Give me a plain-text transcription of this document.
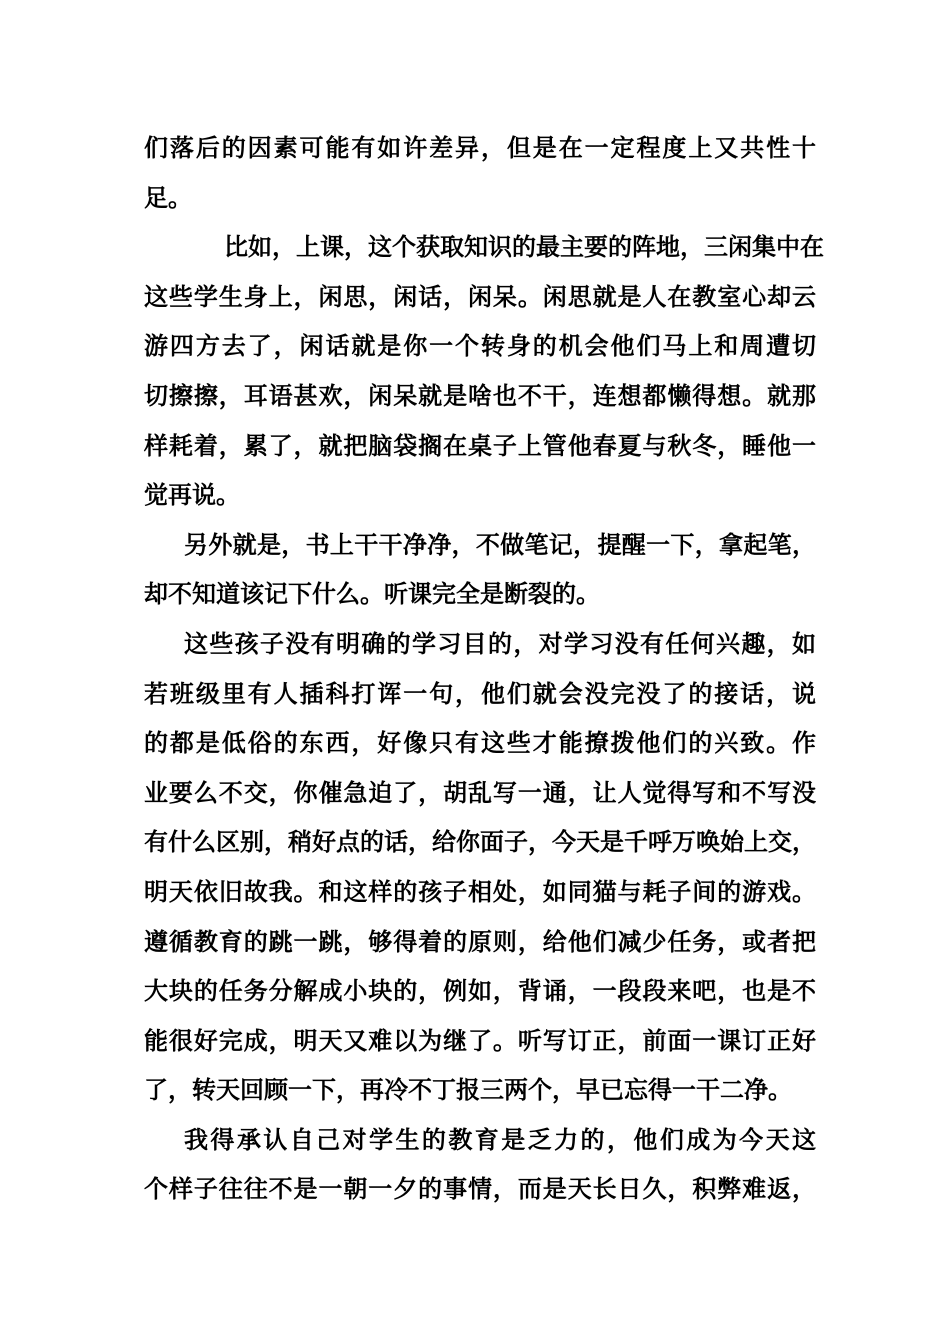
们落后的因素可能有如许差异，但是在一定程度上又共性十
足。

比如，上课，这个获取知识的最主要的阵地，三闲集中在
这些学生身上，闲思，闲话，闲呆。闲思就是人在教室心却云
游四方去了，闲话就是你一个转身的机会他们马上和周遭切
切擦擦，耳语甚欢，闲呆就是啥也不干，连想都懒得想。就那
样耗着，累了，就把脑袋搁在桌子上管他春夏与秋冬，睡他一
觉再说。

另外就是，书上干干净净，不做笔记，提醒一下，拿起笔，
却不知道该记下什么。听课完全是断裂的。

这些孩子没有明确的学习目的，对学习没有任何兴趣，如
若班级里有人插科打诨一句，他们就会没完没了的接话，说
的都是低俗的东西，好像只有这些才能撩拨他们的兴致。作
业要么不交，你催急迫了，胡乱写一通，让人觉得写和不写没
有什么区别，稍好点的话，给你面子，今天是千呼万唤始上交，
明天依旧故我。和这样的孩子相处，如同猫与耗子间的游戏。
遵循教育的跳一跳，够得着的原则，给他们减少任务，或者把
大块的任务分解成小块的，例如，背诵，一段段来吧，也是不
能很好完成，明天又难以为继了。听写订正，前面一课订正好
了，转天回顾一下，再冷不丁报三两个，早已忘得一干二净。

我得承认自己对学生的教育是乏力的，他们成为今天这
个样子往往不是一朝一夕的事情，而是天长日久，积弊难返，
